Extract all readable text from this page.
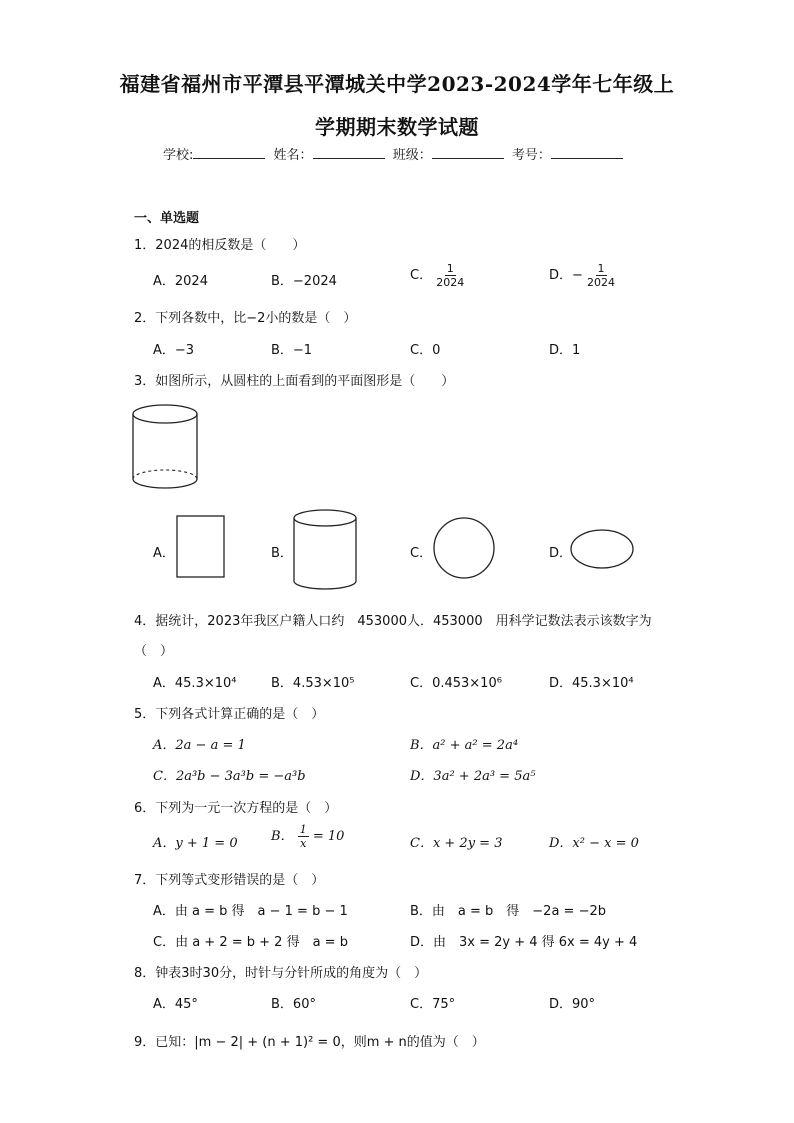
福建省福州市平潭县平潭城关中学2023-2024学年七年级上
学期期末数学试题
学校:	姓名：	班级：	考号：
一、单选题
1．2024的相反数是（　　）
A．2024	B．−2024	C． $\frac{1}{2024}$	D．− $\frac{1}{2024}$
2．下列各数中，比−2小的数是（　）
A．−3	B．−1	C．0	D．1
3．如图所示，从圆柱的上面看到的平面图形是（　　）
A．	B．	C．	D．
4．据统计，2023年我区户籍人口约　453000人．453000　用科学记数法表示该数字为
（　）
A．45.3×10⁴	B．4.53×10⁵	C．0.453×10⁶	D．45.3×10⁴
5．下列各式计算正确的是（　）
A．2a − a = 1	B．a² + a² = 2a⁴
C．2a³b − 3a³b = −a³b	D．3a² + 2a³ = 5a⁵
6．下列为一元一次方程的是（　）
A．y + 1 = 0	B． $\frac{1}{x} = 10$	C．x + 2y = 3	D．x² − x = 0
7．下列等式变形错误的是（　）
A．由 a = b 得　a − 1 = b − 1	B．由　a = b　得　−2a = −2b
C．由 a + 2 = b + 2 得　a = b	D．由　3x = 2y + 4 得 6x = 4y + 4
8．钟表3时30分，时针与分针所成的角度为（　）
A．45°	B．60°	C．75°	D．90°
9．已知：|m − 2| + (n + 1)² = 0，则m + n的值为（　）
